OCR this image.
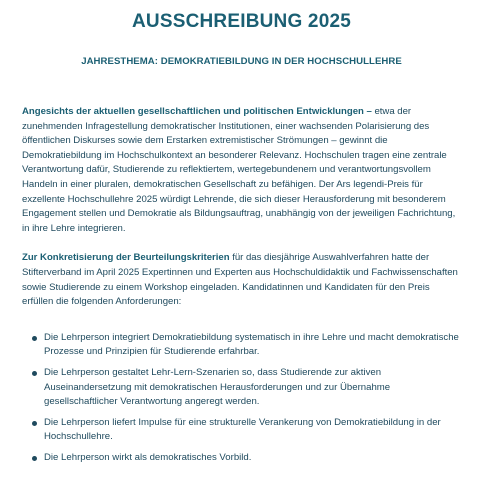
AUSSCHREIBUNG 2025
JAHRESTHEMA: DEMOKRATIEBILDUNG IN DER HOCHSCHULLEHRE

Angesichts der aktuellen gesellschaftlichen und politischen Entwicklungen – etwa der zunehmenden Infragestellung demokratischer Institutionen, einer wachsenden Polarisierung des öffentlichen Diskurses sowie dem Erstarken extremistischer Strömungen – gewinnt die Demokratiebildung im Hochschulkontext an besonderer Relevanz. Hochschulen tragen eine zentrale Verantwortung dafür, Studierende zu reflektiertem, wertegebundenem und verantwortungsvollem Handeln in einer pluralen, demokratischen Gesellschaft zu befähigen. Der Ars legendi-Preis für exzellente Hochschullehre 2025 würdigt Lehrende, die sich dieser Herausforderung mit besonderem Engagement stellen und Demokratie als Bildungsauftrag, unabhängig von der jeweiligen Fachrichtung, in ihre Lehre integrieren.

Zur Konkretisierung der Beurteilungskriterien für das diesjährige Auswahlverfahren hatte der Stifterverband im April 2025 Expertinnen und Experten aus Hochschuldidaktik und Fachwissenschaften sowie Studierende zu einem Workshop eingeladen. Kandidatinnen und Kandidaten für den Preis erfüllen die folgenden Anforderungen:

Die Lehrperson integriert Demokratiebildung systematisch in ihre Lehre und macht demokratische Prozesse und Prinzipien für Studierende erfahrbar.
Die Lehrperson gestaltet Lehr-Lern-Szenarien so, dass Studierende zur aktiven Auseinandersetzung mit demokratischen Herausforderungen und zur Übernahme gesellschaftlicher Verantwortung angeregt werden.
Die Lehrperson liefert Impulse für eine strukturelle Verankerung von Demokratiebildung in der Hochschullehre.
Die Lehrperson wirkt als demokratisches Vorbild.
